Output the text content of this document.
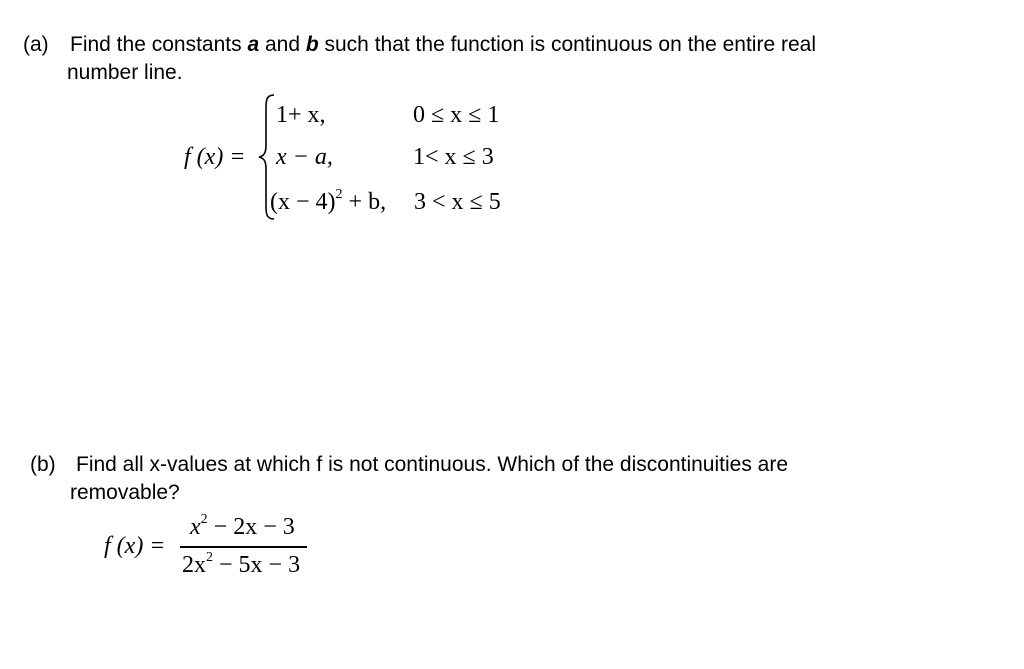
(a) Find the constants a and b such that the function is continuous on the entire real
number line.
f (x) =
1+ x,	0 ≤ x ≤ 1
x − a,	1< x ≤ 3
$(x - 4)^2 + b$, 3 < x ≤ 5
(b) Find all x-values at which f is not continuous. Which of the discontinuities are
removable?
f (x) =
$x^2 - 2x - 3$
$2x^2 - 5x - 3$
